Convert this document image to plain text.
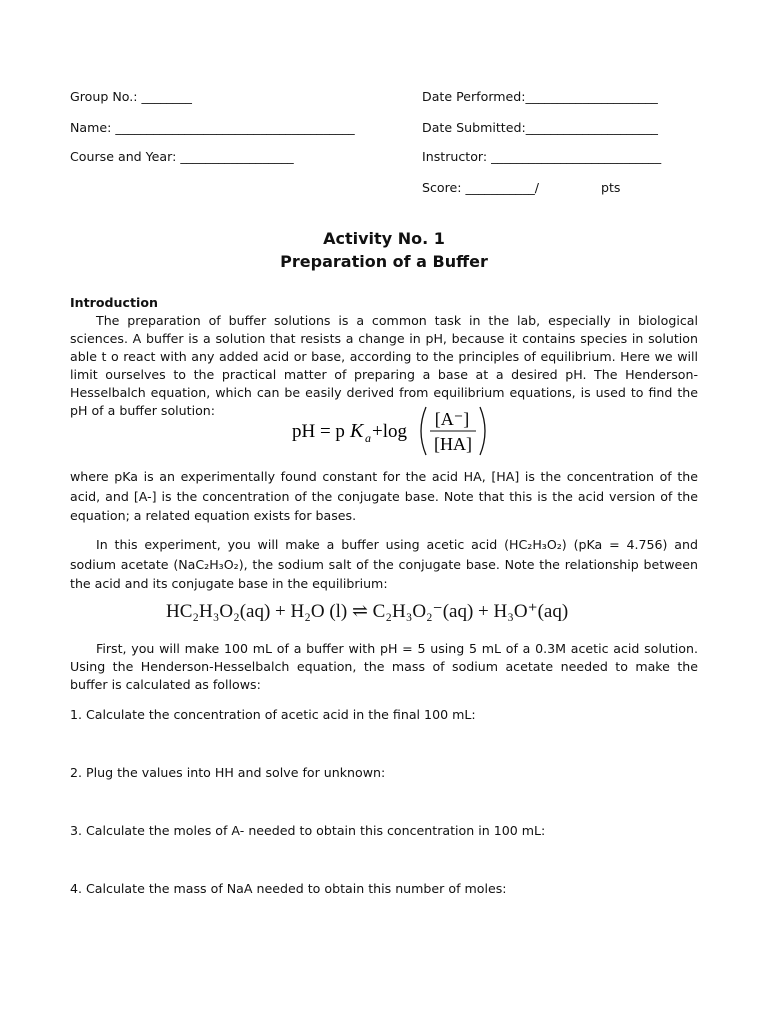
Group No.: ________
Name: ______________________________________
Course and Year: __________________
Date Performed:_____________________
Date Submitted:_____________________
Instructor: ___________________________
Score: ___________/	pts
Activity No. 1
Preparation of a Buffer
Introduction

The preparation of buffer solutions is a common task in the lab, especially in biological sciences. A buffer is a solution that resists a change in pH, because it contains species in solution able t o react with any added acid or base, according to the principles of equilibrium. Here we will limit ourselves to the practical matter of preparing a base at a desired pH. The Henderson-Hesselbalch equation, which can be easily derived from equilibrium equations, is used to find the pH of a buffer solution:

pH = p K a +log
[A⁻]
[HA]

where pKa is an experimentally found constant for the acid HA, [HA] is the concentration of the acid, and [A-] is the concentration of the conjugate base. Note that this is the acid version of the equation; a related equation exists for bases.

In this experiment, you will make a buffer using acetic acid (HC₂H₃O₂) (pKa = 4.756) and sodium acetate (NaC₂H₃O₂), the sodium salt of the conjugate base. Note the relationship between the acid and its conjugate base in the equilibrium:

HC₂H₃O₂(aq) + H₂O (l) ⇌ C₂H₃O₂⁻(aq) + H₃O⁺(aq)

First, you will make 100 mL of a buffer with pH = 5 using 5 mL of a 0.3M acetic acid solution. Using the Henderson-Hesselbalch equation, the mass of sodium acetate needed to make the buffer is calculated as follows:

1. Calculate the concentration of acetic acid in the final 100 mL:
2. Plug the values into HH and solve for unknown:
3. Calculate the moles of A- needed to obtain this concentration in 100 mL:
4. Calculate the mass of NaA needed to obtain this number of moles:
